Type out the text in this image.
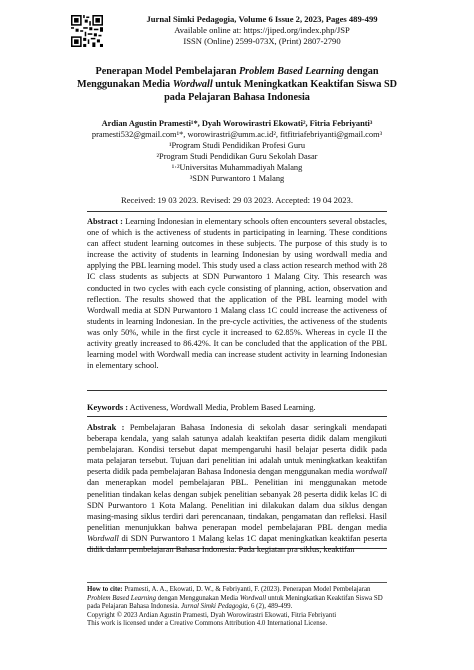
Jurnal Simki Pedagogia, Volume 6 Issue 2, 2023, Pages 489-499
Available online at: https://jiped.org/index.php/JSP
ISSN (Online) 2599-073X, (Print) 2807-2790
Penerapan Model Pembelajaran Problem Based Learning dengan Menggunakan Media Wordwall untuk Meningkatkan Keaktifan Siswa SD pada Pelajaran Bahasa Indonesia
Ardian Agustin Pramesti¹*, Dyah Worowirastri Ekowati², Fitria Febriyanti³
pramesti532@gmail.com¹*, worowirastri@umm.ac.id², fitfitriafebriyanti@gmail.com³
¹Program Studi Pendidikan Profesi Guru
²Program Studi Pendidikan Guru Sekolah Dasar
¹·²Universitas Muhammadiyah Malang
³SDN Purwantoro 1 Malang
Received: 19 03 2023. Revised: 29 03 2023. Accepted: 19 04 2023.
Abstract : Learning Indonesian in elementary schools often encounters several obstacles, one of which is the activeness of students in participating in learning. These conditions can affect student learning outcomes in these subjects. The purpose of this study is to increase the activity of students in learning Indonesian by using wordwall media and applying the PBL learning model. This study used a class action research method with 28 IC class students as subjects at SDN Purwantoro 1 Malang City. This research was conducted in two cycles with each cycle consisting of planning, action, observation and reflection. The results showed that the application of the PBL learning model with Wordwall media at SDN Purwantoro 1 Malang class 1C could increase the activeness of students in learning Indonesian. In the pre-cycle activities, the activeness of the students was only 50%, while in the first cycle it increased to 62.85%. Whereas in cycle II the activity greatly increased to 86.42%. It can be concluded that the application of the PBL learning model with Wordwall media can increase student activity in learning Indonesian in elementary school.
Keywords : Activeness, Wordwall Media, Problem Based Learning.
Abstrak : Pembelajaran Bahasa Indonesia di sekolah dasar seringkali mendapati beberapa kendala, yang salah satunya adalah keaktifan peserta didik dalam mengikuti pembelajaran. Kondisi tersebut dapat mempengaruhi hasil belajar peserta didik pada mata pelajaran tersebut. Tujuan dari penelitian ini adalah untuk meningkatkan keaktifan peserta didik pada pembelajaran Bahasa Indonesia dengan menggunakan media wordwall dan menerapkan model pembelajaran PBL. Penelitian ini menggunakan metode penelitian tindakan kelas dengan subjek penelitian sebanyak 28 peserta didik kelas IC di SDN Purwantoro 1 Kota Malang. Penelitian ini dilakukan dalam dua siklus dengan masing-masing siklus terdiri dari perencanaan, tindakan, pengamatan dan refleksi. Hasil penelitian menunjukkan bahwa penerapan model pembelajaran PBL dengan media Wordwall di SDN Purwantoro 1 Malang kelas 1C dapat meningkatkan keaktifan peserta didik dalam pembelajaran Bahasa Indonesia. Pada kegiatan pra siklus, keaktifan
How to cite: Pramesti, A. A., Ekowati, D. W., & Febriyanti, F. (2023). Penerapan Model Pembelajaran Problem Based Learning dengan Menggunakan Media Wordwall untuk Meningkatkan Keaktifan Siswa SD pada Pelajaran Bahasa Indonesia. Jurnal Simki Pedagogia, 6 (2), 489-499.
Copyright © 2023 Ardian Agustin Pramesti, Dyah Worowirastri Ekowati, Fitria Febriyanti
This work is licensed under a Creative Commons Attribution 4.0 International License.
